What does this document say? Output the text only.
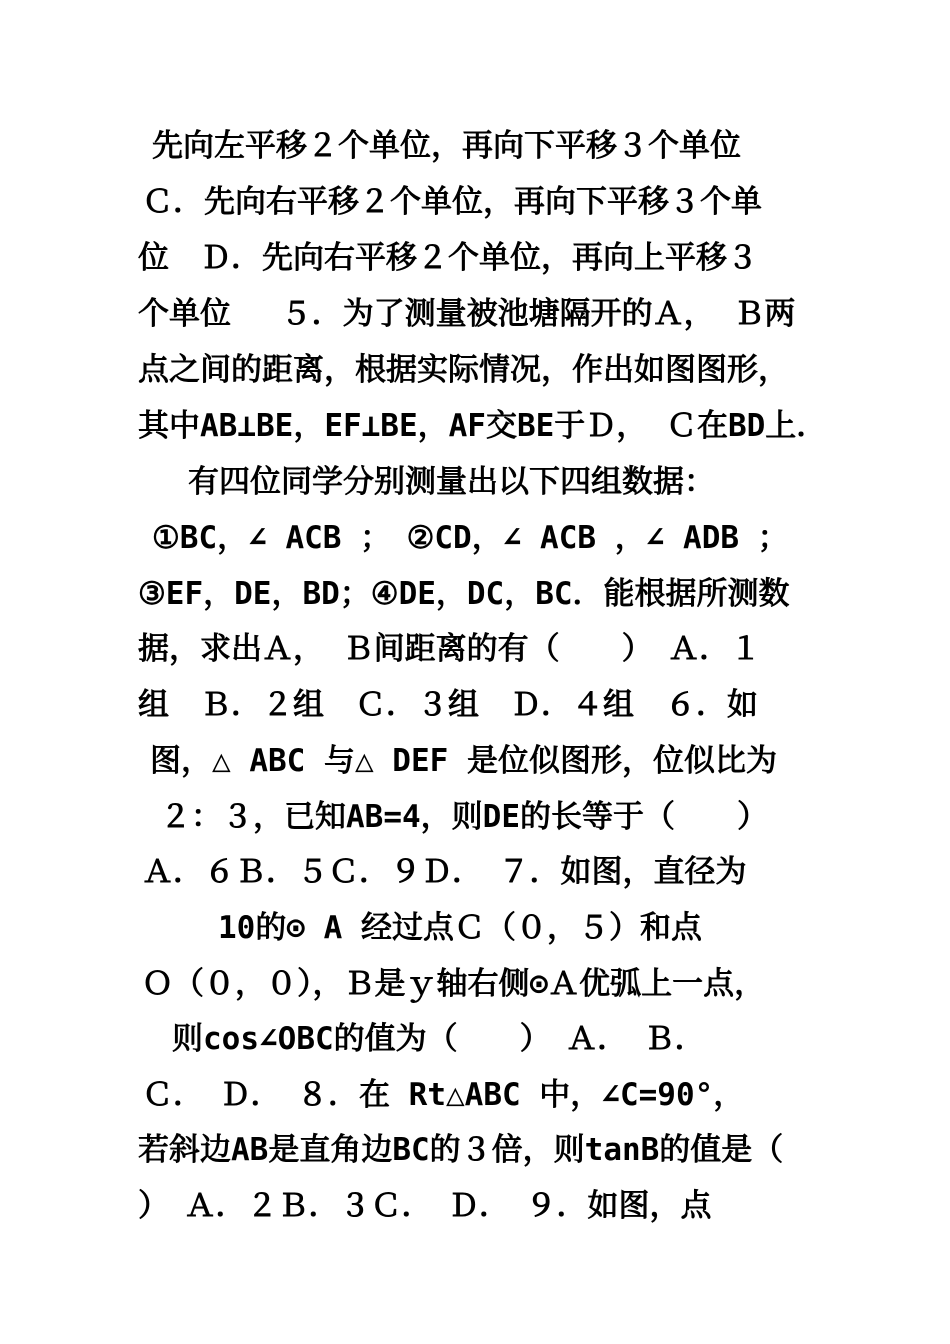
先向左平移２个单位，再向下平移３个单位
Ｃ．先向右平移２个单位，再向下平移３个单
位　Ｄ．先向右平移２个单位，再向上平移３
个单位　 ５．为了测量被池塘隔开的Ａ， Ｂ两
点之间的距离，根据实际情况，作出如图图形，
其中AB⊥BE，EF⊥BE，AF交BE于Ｄ， Ｃ在BD上．
有四位同学分别测量出以下四组数据：
①BC，∠ ACB ；　②CD，∠ ACB ，∠ ADB ；
③EF，DE，BD；④DE，DC，BC．能根据所测数
据，求出Ａ， Ｂ间距离的有（　　）　Ａ．１
组　Ｂ．２组　Ｃ．３组　Ｄ．４组　６．如
图，△ ABC 与△ DEF 是位似图形，位似比为
２：３，已知AB=4，则DE的长等于（　　）
Ａ．６Ｂ．５Ｃ．９Ｄ．　７．如图，直径为
10的⊙ A 经过点Ｃ（０，５）和点
Ｏ（０，０），Ｂ是ｙ轴右侧⊙Ａ优弧上一点，
则cos∠OBC的值为（　　）　Ａ．　Ｂ．
Ｃ．　Ｄ．　８．在 Rt△ABC 中，∠C=90°，
若斜边AB是直角边BC的３倍，则tanB的值是（
）　Ａ．２Ｂ．３Ｃ．　Ｄ．　９．如图，点
